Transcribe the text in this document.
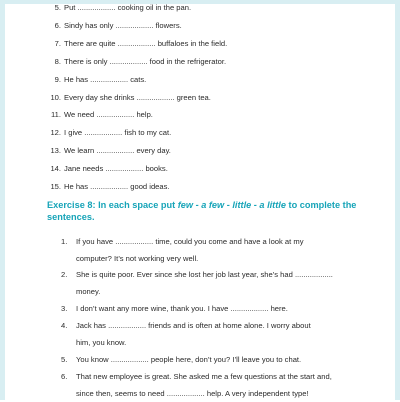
5. Put .................. cooking oil in the pan.
6. Sindy has only .................. flowers.
7. There are quite .................. buffaloes in the field.
8. There is only .................. food in the refrigerator.
9. He has .................. cats.
10. Every day she drinks .................. green tea.
11. We need .................. help.
12. I give .................. fish to my cat.
13. We learn .................. every day.
14. Jane needs .................. books.
15. He has .................. good ideas.
Exercise 8: In each space put few - a few - little - a little to complete the sentences.
1. If you have .................. time, could you come and have a look at my
computer? It’s not working very well.
2. She is quite poor. Ever since she lost her job last year, she’s had ..................
money.
3. I don’t want any more wine, thank you. I have .................. here.
4. Jack has .................. friends and is often at home alone. I worry about
him, you know.
5. You know .................. people here, don’t you? I’ll leave you to chat.
6. That new employee is great. She asked me a few questions at the start and,
since then, seems to need .................. help. A very independent type!
